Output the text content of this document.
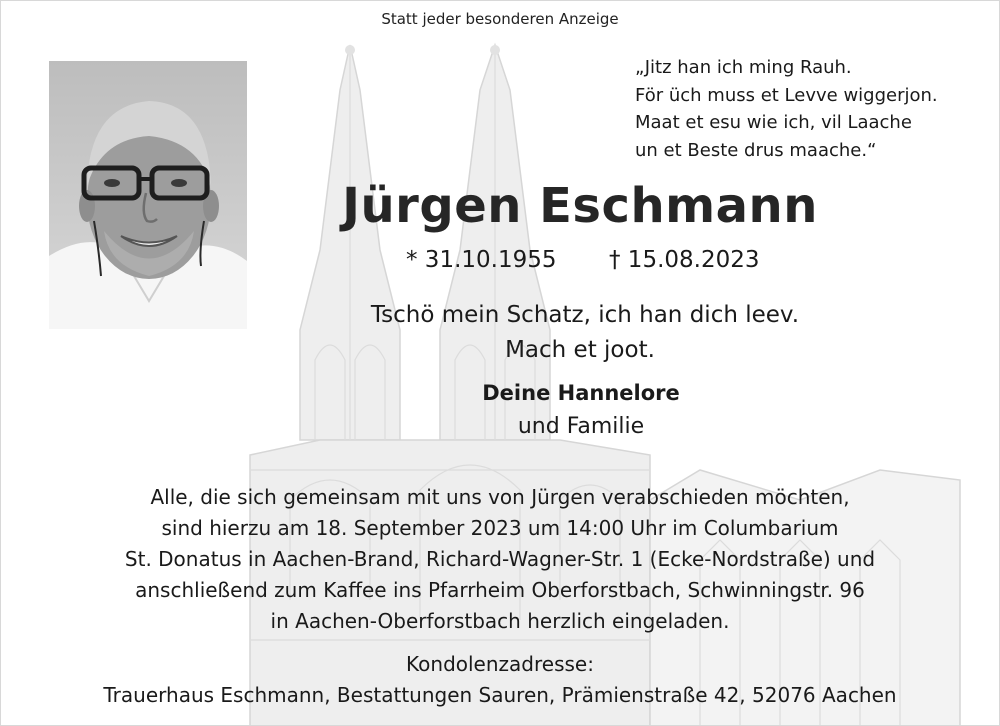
Statt jeder besonderen Anzeige
„Jitz han ich ming Rauh.
För üch muss et Levve wiggerjon.
Maat et esu wie ich, vil Laache
un et Beste drus maache.“
Jürgen Eschmann
* 31.10.1955 † 15.08.2023
Tschö mein Schatz, ich han dich leev.
Mach et joot.
Deine Hannelore
und Familie
Alle, die sich gemeinsam mit uns von Jürgen verabschieden möchten,
sind hierzu am 18. September 2023 um 14:00 Uhr im Columbarium
St. Donatus in Aachen-Brand, Richard-Wagner-Str. 1 (Ecke-Nordstraße) und
anschließend zum Kaffee ins Pfarrheim Oberforstbach, Schwinningstr. 96
in Aachen-Oberforstbach herzlich eingeladen.
Kondolenzadresse:
Trauerhaus Eschmann, Bestattungen Sauren, Prämienstraße 42, 52076 Aachen
